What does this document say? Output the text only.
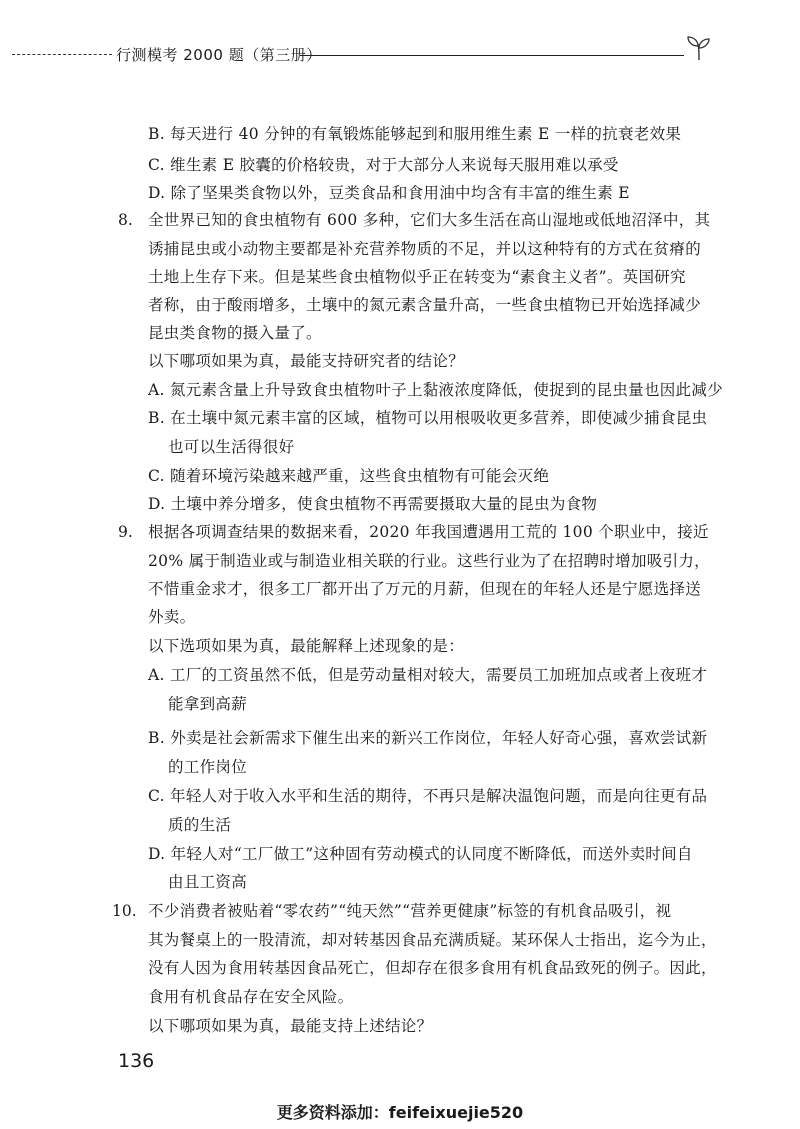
行测模考 2000 题（第三册）
B. 每天进行 40 分钟的有氧锻炼能够起到和服用维生素 E 一样的抗衰老效果
C. 维生素 E 胶囊的价格较贵，对于大部分人来说每天服用难以承受
D. 除了坚果类食物以外，豆类食品和食用油中均含有丰富的维生素 E
8. 全世界已知的食虫植物有 600 多种，它们大多生活在高山湿地或低地沼泽中，其
诱捕昆虫或小动物主要都是补充营养物质的不足，并以这种特有的方式在贫瘠的
土地上生存下来。但是某些食虫植物似乎正在转变为“素食主义者”。英国研究
者称，由于酸雨增多，土壤中的氮元素含量升高，一些食虫植物已开始选择减少
昆虫类食物的摄入量了。
以下哪项如果为真，最能支持研究者的结论？
A. 氮元素含量上升导致食虫植物叶子上黏液浓度降低，使捉到的昆虫量也因此减少
B. 在土壤中氮元素丰富的区域，植物可以用根吸收更多营养，即使减少捕食昆虫
也可以生活得很好
C. 随着环境污染越来越严重，这些食虫植物有可能会灭绝
D. 土壤中养分增多，使食虫植物不再需要摄取大量的昆虫为食物
9. 根据各项调查结果的数据来看，2020 年我国遭遇用工荒的 100 个职业中，接近
20% 属于制造业或与制造业相关联的行业。这些行业为了在招聘时增加吸引力，
不惜重金求才，很多工厂都开出了万元的月薪，但现在的年轻人还是宁愿选择送
外卖。
以下选项如果为真，最能解释上述现象的是：
A. 工厂的工资虽然不低，但是劳动量相对较大，需要员工加班加点或者上夜班才
能拿到高薪
B. 外卖是社会新需求下催生出来的新兴工作岗位，年轻人好奇心强，喜欢尝试新
的工作岗位
C. 年轻人对于收入水平和生活的期待，不再只是解决温饱问题，而是向往更有品
质的生活
D. 年轻人对“工厂做工”这种固有劳动模式的认同度不断降低，而送外卖时间自
由且工资高
10. 不少消费者被贴着“零农药”“纯天然”“营养更健康”标签的有机食品吸引，视
其为餐桌上的一股清流，却对转基因食品充满质疑。某环保人士指出，迄今为止，
没有人因为食用转基因食品死亡，但却存在很多食用有机食品致死的例子。因此，
食用有机食品存在安全风险。
以下哪项如果为真，最能支持上述结论？
136
更多资料添加：feifeixuejie520
